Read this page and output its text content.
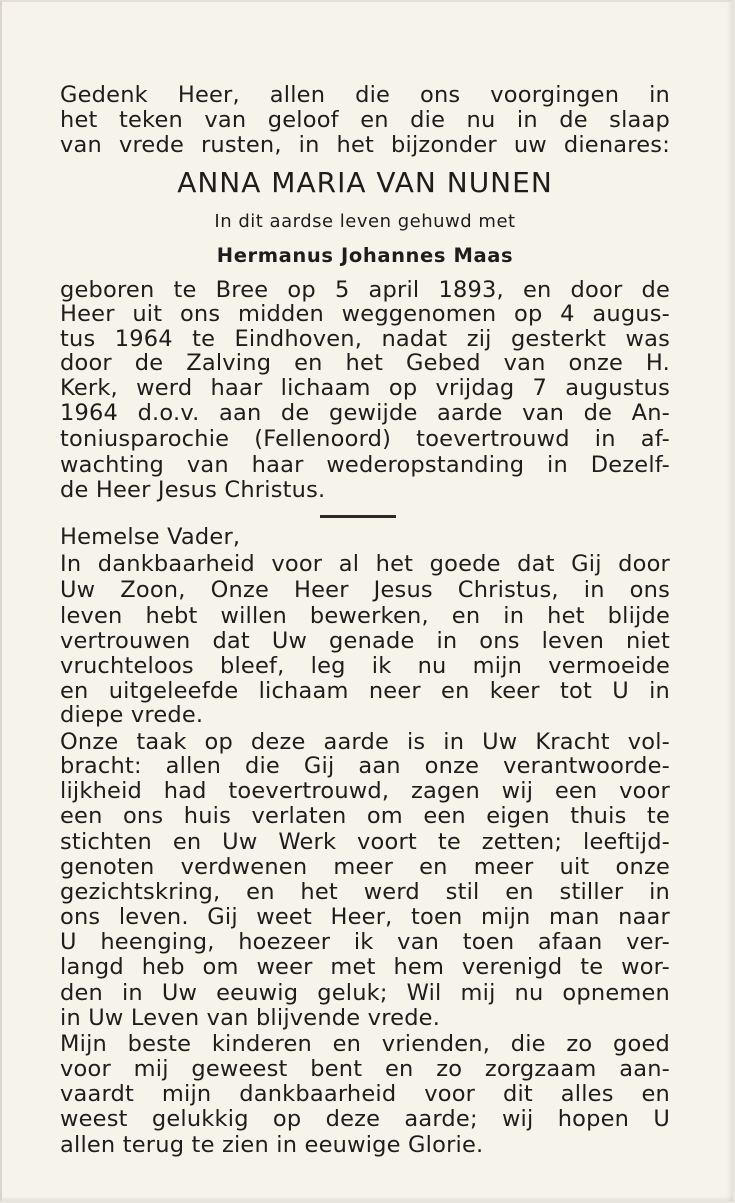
Gedenk Heer, allen die ons voorgingen in

het teken van geloof en die nu in de slaap

van vrede rusten, in het bijzonder uw dienares:

ANNA MARIA VAN NUNEN

In dit aardse leven gehuwd met

Hermanus Johannes Maas

geboren te Bree op 5 april 1893, en door de

Heer uit ons midden weggenomen op 4 augus-

tus 1964 te Eindhoven, nadat zij gesterkt was

door de Zalving en het Gebed van onze H.

Kerk, werd haar lichaam op vrijdag 7 augustus

1964 d.o.v. aan de gewijde aarde van de An-

toniusparochie (Fellenoord) toevertrouwd in af-

wachting van haar wederopstanding in Dezelf-

de Heer Jesus Christus.

Hemelse Vader,

In dankbaarheid voor al het goede dat Gij door

Uw Zoon, Onze Heer Jesus Christus, in ons

leven hebt willen bewerken, en in het blijde

vertrouwen dat Uw genade in ons leven niet

vruchteloos bleef, leg ik nu mijn vermoeide

en uitgeleefde lichaam neer en keer tot U in

diepe vrede.

Onze taak op deze aarde is in Uw Kracht vol-

bracht: allen die Gij aan onze verantwoorde-

lijkheid had toevertrouwd, zagen wij een voor

een ons huis verlaten om een eigen thuis te

stichten en Uw Werk voort te zetten; leeftijd-

genoten verdwenen meer en meer uit onze

gezichtskring, en het werd stil en stiller in

ons leven. Gij weet Heer, toen mijn man naar

U heenging, hoezeer ik van toen afaan ver-

langd heb om weer met hem verenigd te wor-

den in Uw eeuwig geluk; Wil mij nu opnemen

in Uw Leven van blijvende vrede.

Mijn beste kinderen en vrienden, die zo goed

voor mij geweest bent en zo zorgzaam aan-

vaardt mijn dankbaarheid voor dit alles en

weest gelukkig op deze aarde; wij hopen U

allen terug te zien in eeuwige Glorie.
